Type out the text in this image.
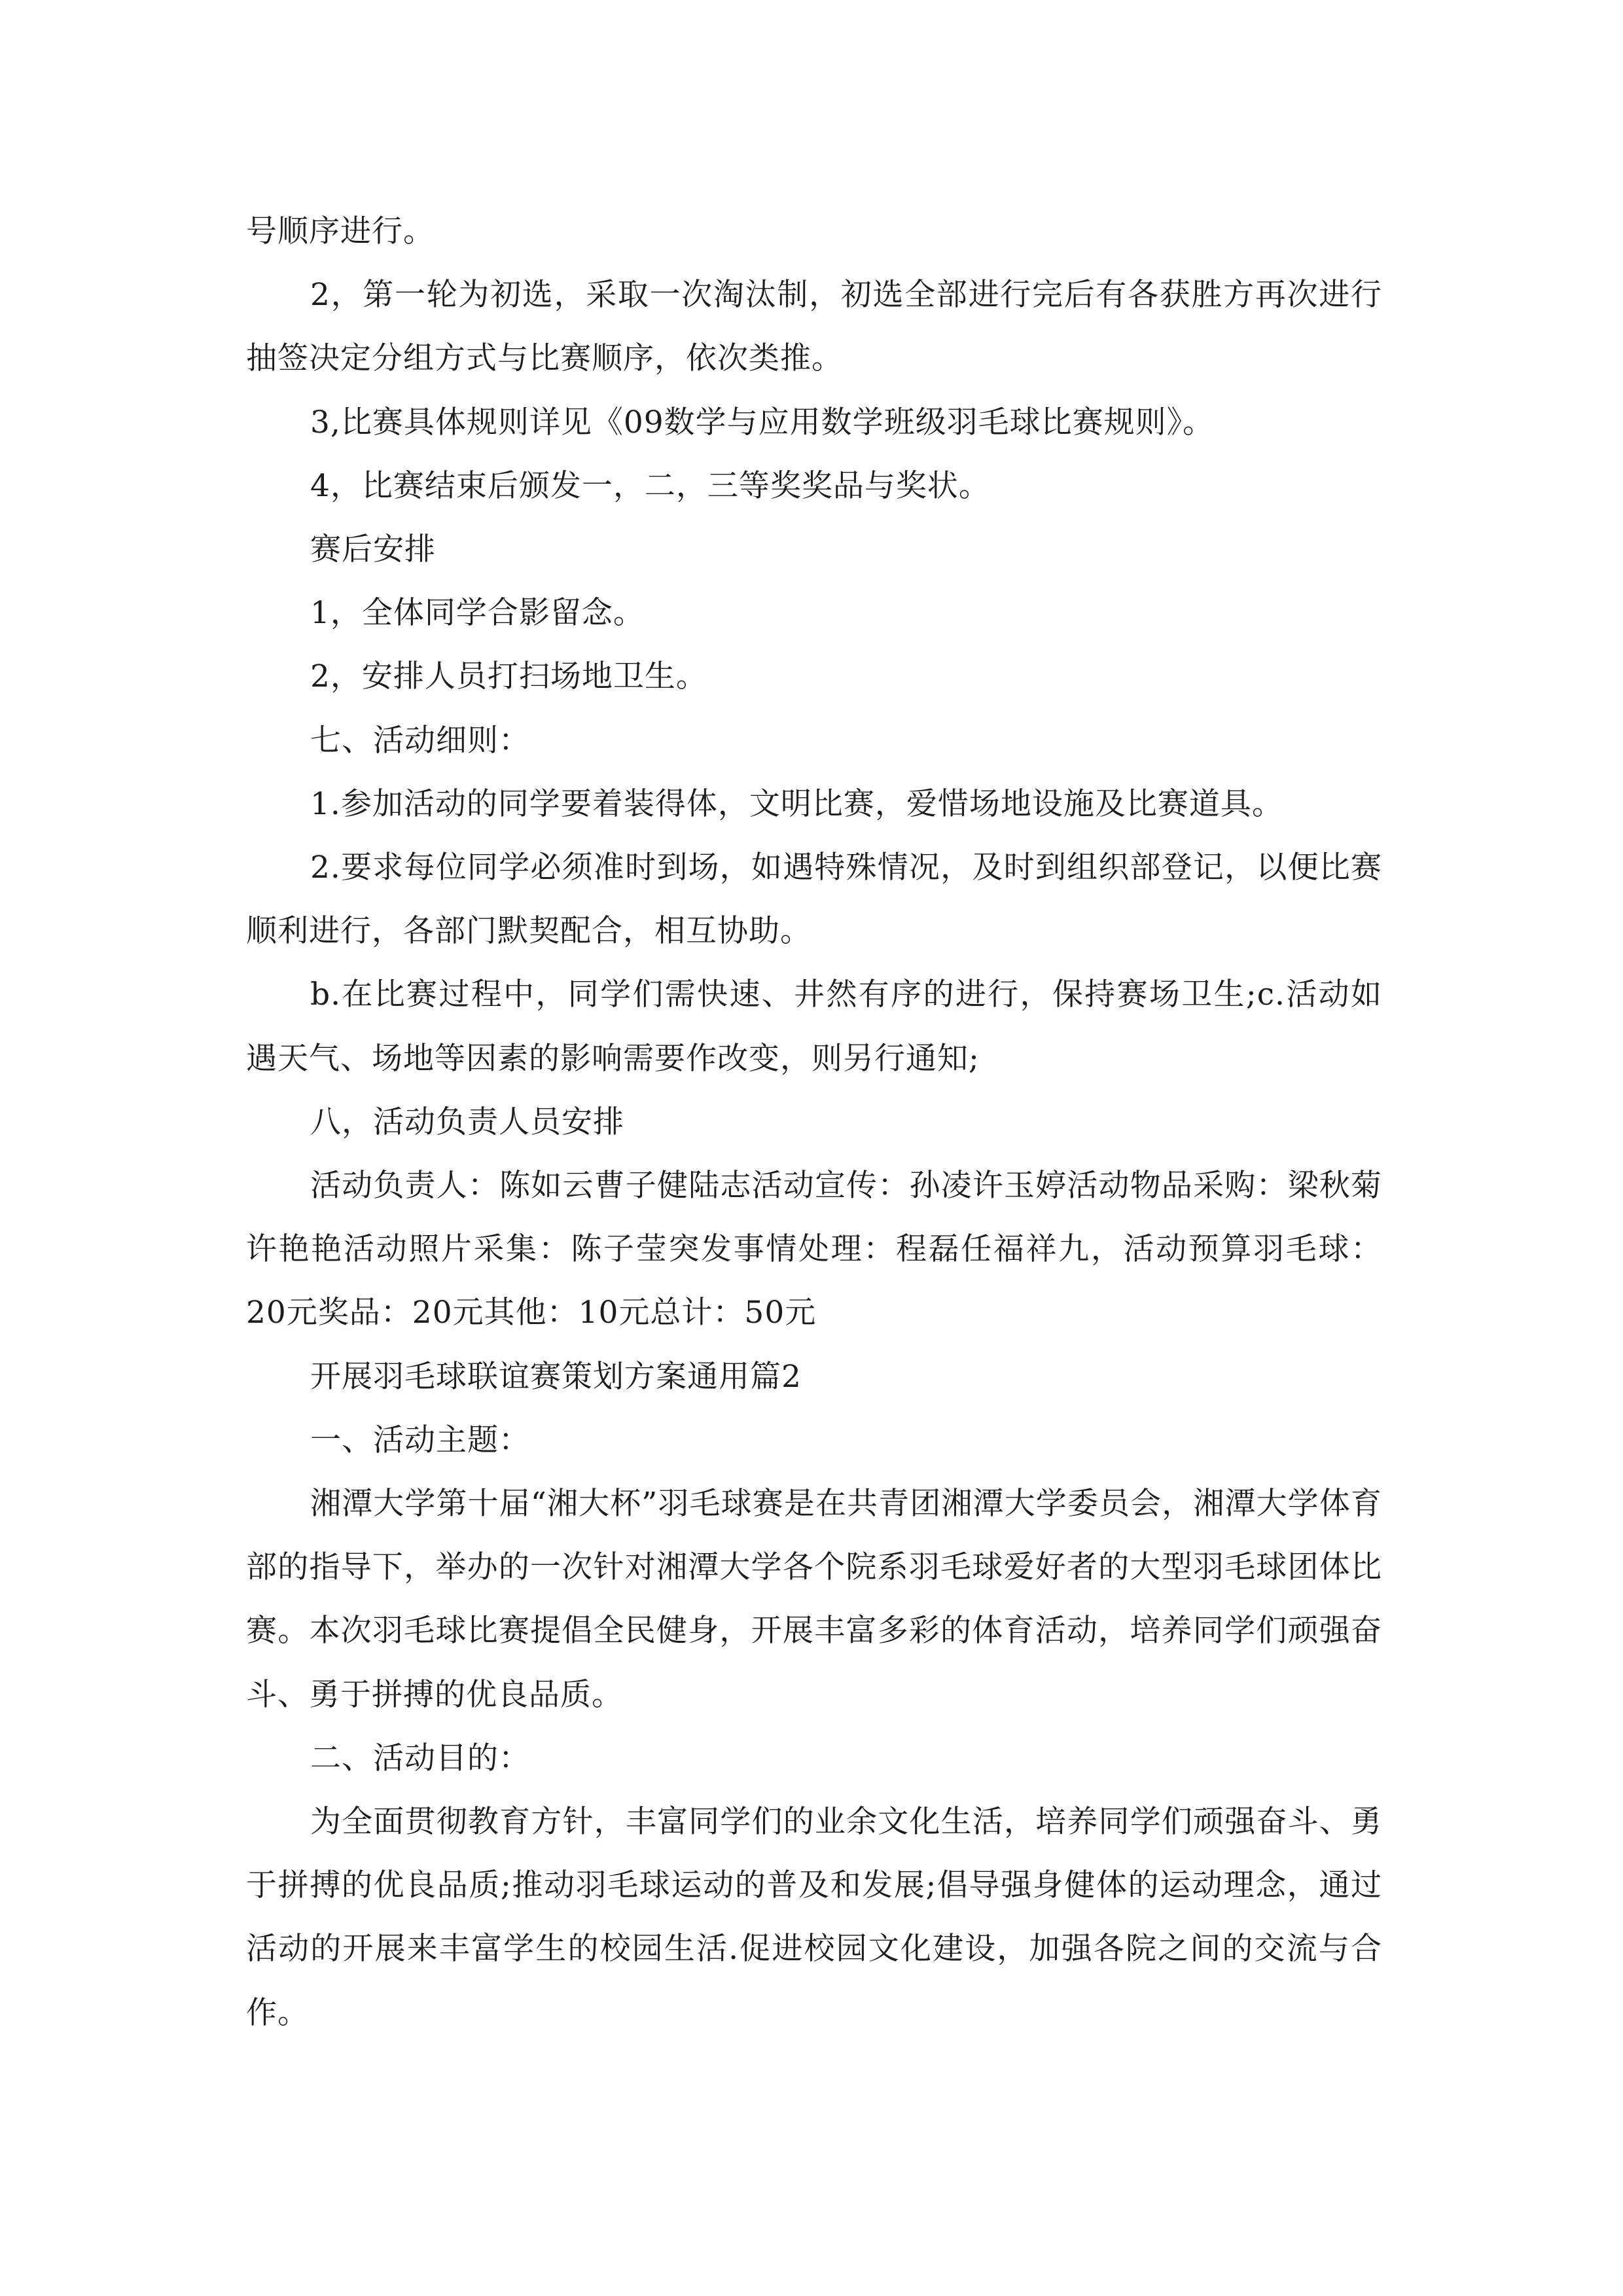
号顺序进行。

2，第一轮为初选，采取一次淘汰制，初选全部进行完后有各获胜方再次进行抽签决定分组方式与比赛顺序，依次类推。

3,比赛具体规则详见《09数学与应用数学班级羽毛球比赛规则》。

4，比赛结束后颁发一，二，三等奖奖品与奖状。

赛后安排

1，全体同学合影留念。

2，安排人员打扫场地卫生。

七、活动细则：

1.参加活动的同学要着装得体，文明比赛，爱惜场地设施及比赛道具。

2.要求每位同学必须准时到场，如遇特殊情况，及时到组织部登记，以便比赛顺利进行，各部门默契配合，相互协助。

b.在比赛过程中，同学们需快速、井然有序的进行，保持赛场卫生;c.活动如遇天气、场地等因素的影响需要作改变，则另行通知;

八，活动负责人员安排

活动负责人：陈如云曹子健陆志活动宣传：孙凌许玉婷活动物品采购：梁秋菊许艳艳活动照片采集：陈子莹突发事情处理：程磊任福祥九，活动预算羽毛球：20元奖品：20元其他：10元总计：50元

开展羽毛球联谊赛策划方案通用篇2

一、活动主题：

湘潭大学第十届“湘大杯”羽毛球赛是在共青团湘潭大学委员会，湘潭大学体育部的指导下，举办的一次针对湘潭大学各个院系羽毛球爱好者的大型羽毛球团体比赛。本次羽毛球比赛提倡全民健身，开展丰富多彩的体育活动，培养同学们顽强奋斗、勇于拼搏的优良品质。

二、活动目的：

为全面贯彻教育方针，丰富同学们的业余文化生活，培养同学们顽强奋斗、勇于拼搏的优良品质;推动羽毛球运动的普及和发展;倡导强身健体的运动理念，通过活动的开展来丰富学生的校园生活.促进校园文化建设，加强各院之间的交流与合作。
